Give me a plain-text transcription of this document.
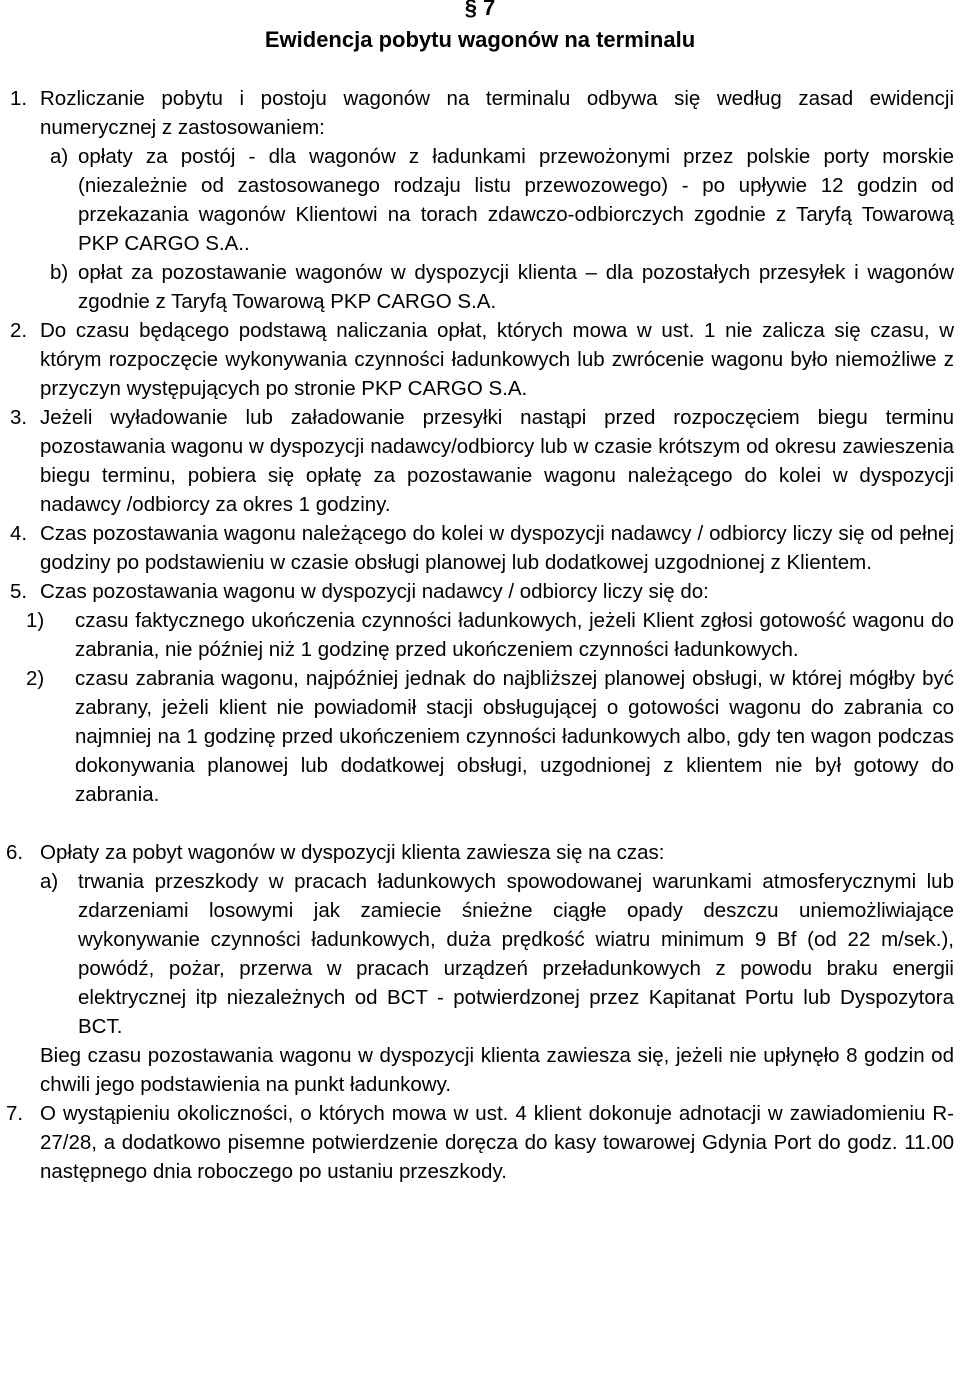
§ 7
Ewidencja pobytu wagonów na terminalu
1. Rozliczanie pobytu i postoju wagonów na terminalu odbywa się według zasad ewidencji numerycznej z zastosowaniem:
a) opłaty za postój - dla wagonów z ładunkami przewożonymi przez polskie porty morskie (niezależnie od zastosowanego rodzaju listu przewozowego) - po upływie 12 godzin od przekazania wagonów Klientowi na torach zdawczo-odbiorczych zgodnie z Taryfą Towarową PKP CARGO S.A..
b) opłat za pozostawanie wagonów w dyspozycji klienta – dla pozostałych przesyłek i wagonów zgodnie z Taryfą Towarową PKP CARGO S.A.
2. Do czasu będącego podstawą naliczania opłat, których mowa w ust. 1 nie zalicza się czasu, w którym rozpoczęcie wykonywania czynności ładunkowych lub zwrócenie wagonu było niemożliwe z przyczyn występujących po stronie PKP CARGO S.A.
3. Jeżeli wyładowanie lub załadowanie przesyłki nastąpi przed rozpoczęciem biegu terminu pozostawania wagonu w dyspozycji nadawcy/odbiorcy lub w czasie krótszym od okresu zawieszenia biegu terminu, pobiera się opłatę za pozostawanie wagonu należącego do kolei w dyspozycji nadawcy /odbiorcy za okres 1 godziny.
4. Czas pozostawania wagonu należącego do kolei w dyspozycji nadawcy / odbiorcy liczy się od pełnej godziny po podstawieniu w czasie obsługi planowej lub dodatkowej uzgodnionej z Klientem.
5. Czas pozostawania wagonu w dyspozycji nadawcy / odbiorcy liczy się do:
1) czasu faktycznego ukończenia czynności ładunkowych, jeżeli Klient zgłosi gotowość wagonu do zabrania, nie później niż 1 godzinę przed ukończeniem czynności ładunkowych.
2) czasu zabrania wagonu, najpóźniej jednak do najbliższej planowej obsługi, w której mógłby być zabrany, jeżeli klient nie powiadomił stacji obsługującej o gotowości wagonu do zabrania co najmniej na 1 godzinę przed ukończeniem czynności ładunkowych albo, gdy ten wagon podczas dokonywania planowej lub dodatkowej obsługi, uzgodnionej z klientem nie był gotowy do zabrania.
6. Opłaty za pobyt wagonów w dyspozycji klienta zawiesza się na czas:
a) trwania przeszkody w pracach ładunkowych spowodowanej warunkami atmosferycznymi lub zdarzeniami losowymi jak zamiecie śnieżne ciągłe opady deszczu uniemożliwiające wykonywanie czynności ładunkowych, duża prędkość wiatru minimum 9 Bf (od 22 m/sek.), powódź, pożar, przerwa w pracach urządzeń przeładunkowych z powodu braku energii elektrycznej itp niezależnych od BCT - potwierdzonej przez Kapitanat Portu lub Dyspozytora BCT.
Bieg czasu pozostawania wagonu w dyspozycji klienta zawiesza się, jeżeli nie upłynęło 8 godzin od chwili jego podstawienia na punkt ładunkowy.
7. O wystąpieniu okoliczności, o których mowa w ust. 4 klient dokonuje adnotacji w zawiadomieniu R-27/28, a dodatkowo pisemne potwierdzenie doręcza do kasy towarowej Gdynia Port do godz. 11.00 następnego dnia roboczego po ustaniu przeszkody.
